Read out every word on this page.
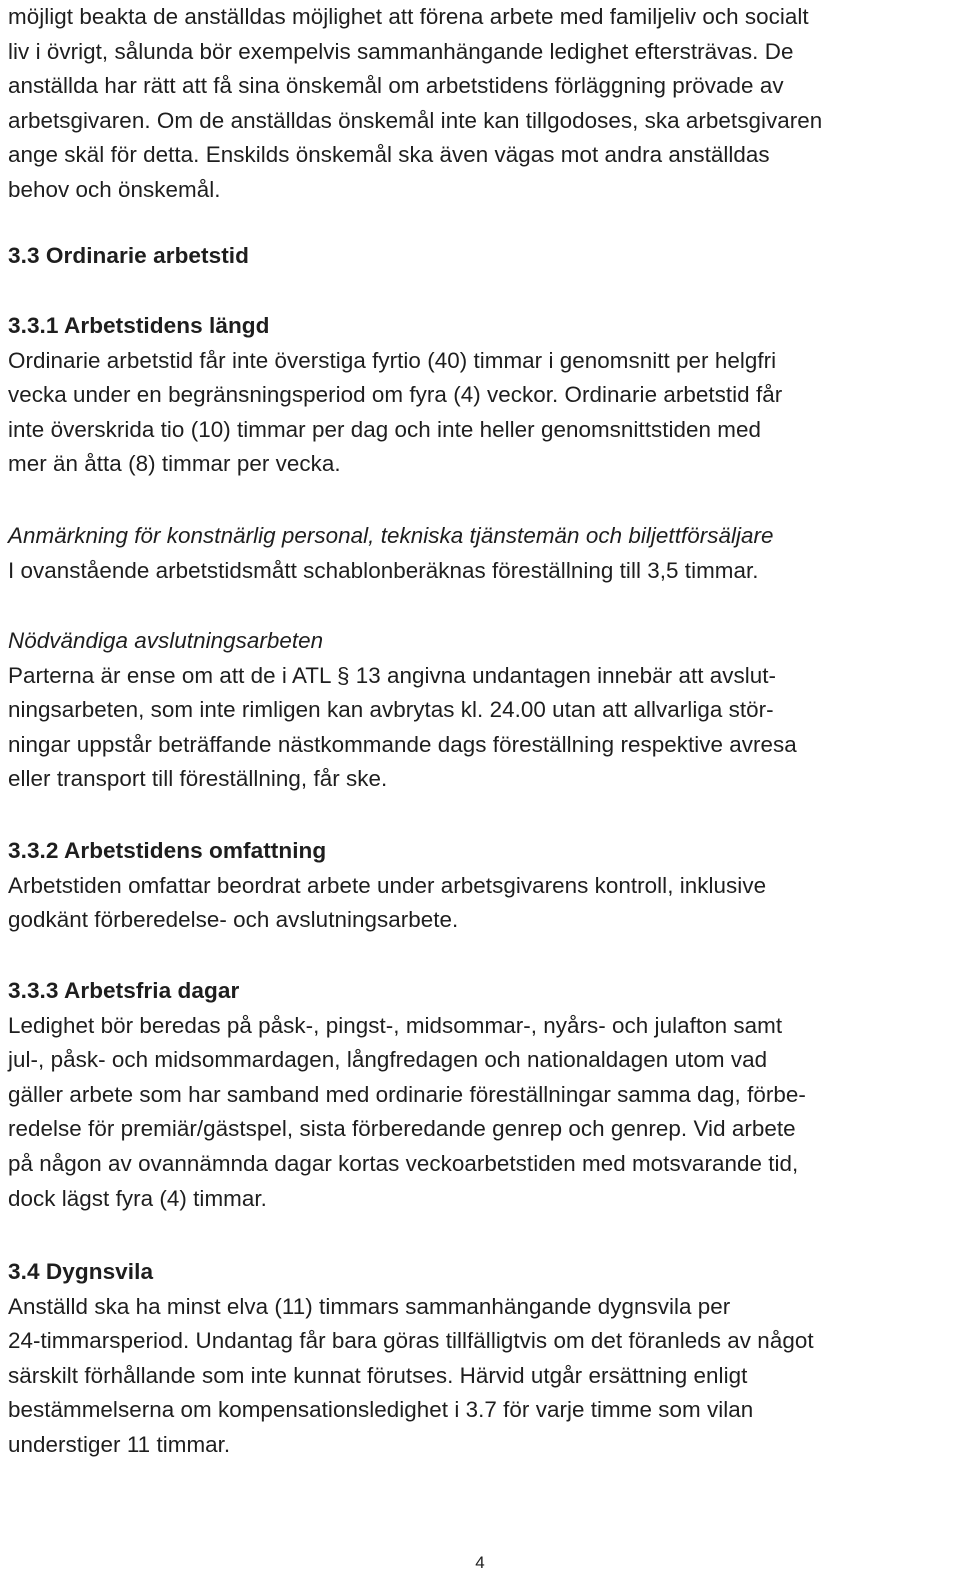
möjligt beakta de anställdas möjlighet att förena arbete med familjeliv och socialt
liv i övrigt, sålunda bör exempelvis sammanhängande ledighet eftersträvas. De
anställda har rätt att få sina önskemål om arbetstidens förläggning prövade av
arbetsgivaren. Om de anställdas önskemål inte kan tillgodoses, ska arbetsgivaren
ange skäl för detta. Enskilds önskemål ska även vägas mot andra anställdas
behov och önskemål.
3.3 Ordinarie arbetstid
3.3.1 Arbetstidens längd
Ordinarie arbetstid får inte överstiga fyrtio (40) timmar i genomsnitt per helgfri
vecka under en begränsningsperiod om fyra (4) veckor. Ordinarie arbetstid får
inte överskrida tio (10) timmar per dag och inte heller genomsnittstiden med
mer än åtta (8) timmar per vecka.
Anmärkning för konstnärlig personal, tekniska tjänstemän och biljettförsäljare
I ovanstående arbetstidsmått schablonberäknas föreställning till 3,5 timmar.
Nödvändiga avslutningsarbeten
Parterna är ense om att de i ATL § 13 angivna undantagen innebär att avslut-
ningsarbeten, som inte rimligen kan avbrytas kl. 24.00 utan att allvarliga stör-
ningar uppstår beträffande nästkommande dags föreställning respektive avresa
eller transport till föreställning, får ske.
3.3.2 Arbetstidens omfattning
Arbetstiden omfattar beordrat arbete under arbetsgivarens kontroll, inklusive
godkänt förberedelse- och avslutningsarbete.
3.3.3 Arbetsfria dagar
Ledighet bör beredas på påsk-, pingst-, midsommar-, nyårs- och julafton samt
jul-, påsk- och midsommardagen, långfredagen och nationaldagen utom vad
gäller arbete som har samband med ordinarie föreställningar samma dag, förbe-
redelse för premiär/gästspel, sista förberedande genrep och genrep. Vid arbete
på någon av ovannämnda dagar kortas veckoarbetstiden med motsvarande tid,
dock lägst fyra (4) timmar.
3.4 Dygnsvila
Anställd ska ha minst elva (11) timmars sammanhängande dygnsvila per
24-timmarsperiod. Undantag får bara göras tillfälligtvis om det föranleds av något
särskilt förhållande som inte kunnat förutses. Härvid utgår ersättning enligt
bestämmelserna om kompensationsledighet i 3.7 för varje timme som vilan
understiger 11 timmar.
4
